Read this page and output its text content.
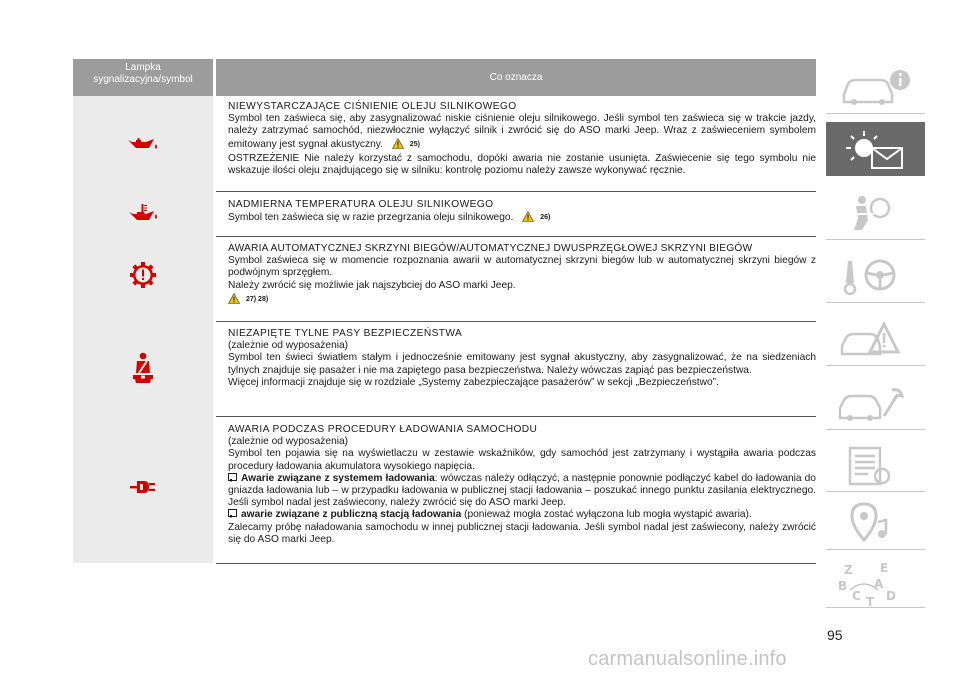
Lampka
sygnalizacyjna/symbol	Co oznacza
NIEWYSTARCZAJĄCE CIŚNIENIE OLEJU SILNIKOWEGO
Symbol ten zaświeca się, aby zasygnalizować niskie ciśnienie oleju silnikowego. Jeśli symbol ten zaświeca się w trakcie jazdy, należy zatrzymać samochód, niezwłocznie wyłączyć silnik i zwrócić się do ASO marki Jeep. Wraz z zaświeceniem symbolem emitowany jest sygnał akustyczny.	25)
OSTRZEŻENIE Nie należy korzystać z samochodu, dopóki awaria nie zostanie usunięta. Zaświecenie się tego symbolu nie wskazuje ilości oleju znajdującego się w silniku: kontrolę poziomu należy zawsze wykonywać ręcznie.
NADMIERNA TEMPERATURA OLEJU SILNIKOWEGO
Symbol ten zaświeca się w razie przegrzania oleju silnikowego.	26)
AWARIA AUTOMATYCZNEJ SKRZYNI BIEGÓW/AUTOMATYCZNEJ DWUSPRZĘGŁOWEJ SKRZYNI BIEGÓW
Symbol zaświeca się w momencie rozpoznania awarii w automatycznej skrzyni biegów lub w automatycznej skrzyni biegów z podwójnym sprzęgłem.
Należy zwrócić się możliwie jak najszybciej do ASO marki Jeep.
27) 28)
NIEZAPIĘTE TYLNE PASY BEZPIECZEŃSTWA
(zależnie od wyposażenia)
Symbol ten świeci światłem stałym i jednocześnie emitowany jest sygnał akustyczny, aby zasygnalizować, że na siedzeniach tylnych znajduje się pasażer i nie ma zapiętego pasa bezpieczeństwa. Należy wówczas zapiąć pas bezpieczeństwa.
Więcej informacji znajduje się w rozdziale „Systemy zabezpieczające pasażerów” w sekcji „Bezpieczeństwo”.
AWARIA PODCZAS PROCEDURY ŁADOWANIA SAMOCHODU
(zależnie od wyposażenia)
Symbol ten pojawia się na wyświetlaczu w zestawie wskaźników, gdy samochód jest zatrzymany i wystąpiła awaria podczas procedury ładowania akumulatora wysokiego napięcia.
Awarie związane z systemem ładowania: wówczas należy odłączyć, a następnie ponownie podłączyć kabel do ładowania do gniazda ładowania lub – w przypadku ładowania w publicznej stacji ładowania – poszukać innego punktu zasilania elektrycznego. Jeśli symbol nadal jest zaświecony, należy zwrócić się do ASO marki Jeep.
awarie związane z publiczną stacją ładowania (ponieważ mogła zostać wyłączona lub mogła wystąpić awaria).
Zalecamy próbę naładowania samochodu w innej publicznej stacji ładowania. Jeśli symbol nadal jest zaświecony, należy zwrócić się do ASO marki Jeep.
Z E
B A
C D
T
95
carmanualsonline.info
